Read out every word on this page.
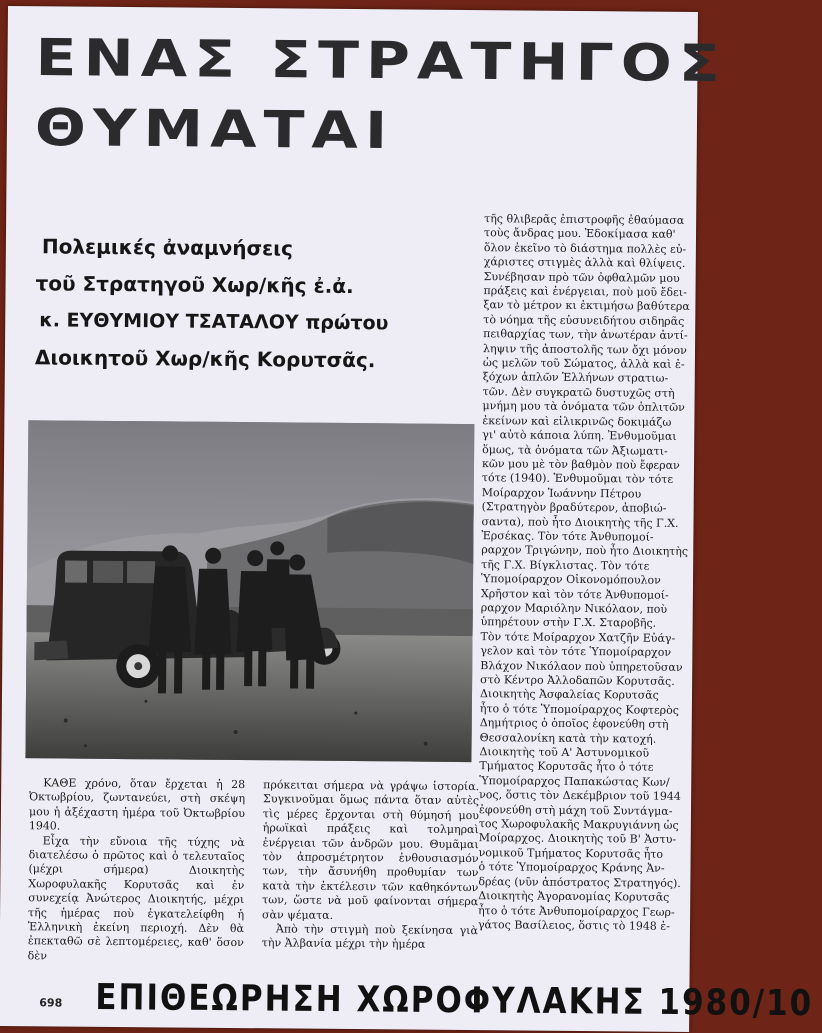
ΕΝΑΣ ΣΤΡΑΤΗΓΟΣ
ΘΥΜΑΤΑΙ
Πολεμικές ἀναμνήσεις
τοῦ Στρατηγοῦ Χωρ/κῆς ἐ.ἀ.
κ. ΕΥΘΥΜΙΟΥ ΤΣΑΤΑΛΟΥ πρώτου
Διοικητοῦ Χωρ/κῆς Κορυτσᾶς.

τῆς θλιβερᾶς ἐπιστροφῆς ἐθαύμασα

τοὺς ἄνδρας μου. Ἐδοκίμασα καθ'

ὅλον ἐκεῖνο τὸ διάστημα πολλὲς εὐ-

χάριστες στιγμὲς ἀλλὰ καὶ θλίψεις.

Συνέβησαν πρὸ τῶν ὀφθαλμῶν μου

πράξεις καὶ ἐνέργειαι, ποὺ μοῦ ἔδει-

ξαν τὸ μέτρον κι ἐκτιμήσω βαθύτερα

τὸ νόημα τῆς εὐσυνειδήτου σιδηρᾶς

πειθαρχίας των, τὴν ἀνωτέραν ἀντί-

ληψιν τῆς ἀποστολῆς των ὄχι μόνον

ὡς μελῶν τοῦ Σώματος, ἀλλὰ καὶ ἐ-

ξόχων ἁπλῶν Ἑλλήνων στρατιω-

τῶν. Δὲν συγκρατῶ δυστυχῶς στὴ

μνήμη μου τὰ ὀνόματα τῶν ὁπλιτῶν

ἐκείνων καὶ εἰλικρινῶς δοκιμάζω

γι' αὐτὸ κάποια λύπη. Ἐνθυμοῦμαι

ὅμως, τὰ ὀνόματα τῶν Ἀξιωματι-

κῶν μου μὲ τὸν βαθμὸν ποὺ ἔφεραν

τότε (1940). Ἐνθυμοῦμαι τὸν τότε

Μοίραρχον Ἰωάννην Πέτρου

(Στρατηγὸν βραδύτερον, ἀποβιώ-

σαντα), ποὺ ἦτο Διοικητὴς τῆς Γ.Χ.

Ἐρσέκας. Τὸν τότε Ἀνθυπομοί-

ραρχον Τριγώνην, ποὺ ἦτο Διοικητὴς

τῆς Γ.Χ. Βίγκλιστας. Τὸν τότε

Ὑπομοίραρχον Οἰκονομόπουλον

Χρῆστον καὶ τὸν τότε Ἀνθυπομοί-

ραρχον Μαριόλην Νικόλαον, ποὺ

ὑπηρέτουν στὴν Γ.Χ. Σταροβῆς.

Τὸν τότε Μοίραρχον Χατζῆν Εὐάγ-

γελον καὶ τὸν τότε Ὑπομοίραρχον

Βλάχον Νικόλαον ποὺ ὑπηρετοῦσαν

στὸ Κέντρο Ἀλλοδαπῶν Κορυτσᾶς.

Διοικητὴς Ἀσφαλείας Κορυτσᾶς

ἦτο ὁ τότε Ὑπομοίραρχος Κοφτερὸς

Δημήτριος ὁ ὁποῖος ἐφονεύθη στὴ

Θεσσαλονίκη κατὰ τὴν κατοχή.

Διοικητὴς τοῦ Α' Ἀστυνομικοῦ

Τμήματος Κορυτσᾶς ἦτο ὁ τότε

Ὑπομοίραρχος Παπακώστας Κων/

νος, ὅστις τὸν Δεκέμβριον τοῦ 1944

ἐφονεύθη στὴ μάχη τοῦ Συντάγμα-

τος Χωροφυλακῆς Μακρυγιάννη ὡς

Μοίραρχος. Διοικητὴς τοῦ Β' Ἀστυ-

νομικοῦ Τμήματος Κορυτσᾶς ἦτο

ὁ τότε Ὑπομοίραρχος Κράνης Ἀν-

δρέας (νῦν ἀπόστρατος Στρατηγός).

Διοικητὴς Ἀγορανομίας Κορυτσᾶς

ἦτο ὁ τότε Ἀνθυπομοίραρχος Γεωρ-

γάτος Βασίλειος, ὅστις τὸ 1948 ἐ-

ΚΑΘΕ χρόνο, ὅταν ἔρχεται ἡ 28 Ὀκτωβρίου, ζωντανεύει, στὴ σκέψη μου ἡ ἀξέχαστη ἡμέρα τοῦ Ὀκτωβρίου 1940.

Εἶχα τὴν εὔνοια τῆς τύχης νὰ διατελέσω ὁ πρῶτος καὶ ὁ τελευταῖος (μέχρι σήμερα) Διοικητὴς Χωροφυλακῆς Κορυτσᾶς καὶ ἐν συνεχείᾳ Ἀνώτερος Διοικητής, μέχρι τῆς ἡμέρας ποὺ ἐγκατελείφθη ἡ Ἑλληνικὴ ἐκείνη περιοχή. Δὲν θὰ ἐπεκταθῶ σὲ λεπτομέρειες, καθ' ὅσον δὲν

πρόκειται σήμερα νὰ γράψω ἱστορία. Συγκινοῦμαι ὅμως πάντα ὅταν αὐτὲς τὶς μέρες ἔρχονται στὴ θύμησή μου ἡρωϊκαὶ πράξεις καὶ τολμηραὶ ἐνέργειαι τῶν ἀνδρῶν μου. Θυμᾶμαι τὸν ἀπροσμέτρητον ἐνθουσιασμόν των, τὴν ἄσυνήθη προθυμίαν των κατὰ τὴν ἐκτέλεσιν τῶν καθηκόντων των, ὥστε νὰ μοῦ φαίνονται σήμερα σὰν ψέματα.

Ἀπὸ τὴν στιγμὴ ποὺ ξεκίνησα γιὰ τὴν Ἀλβανία μέχρι τὴν ἡμέρα

698 ΕΠΙΘΕΩΡΗΣΗ ΧΩΡΟΦΥΛΑΚΗΣ 1980/10
